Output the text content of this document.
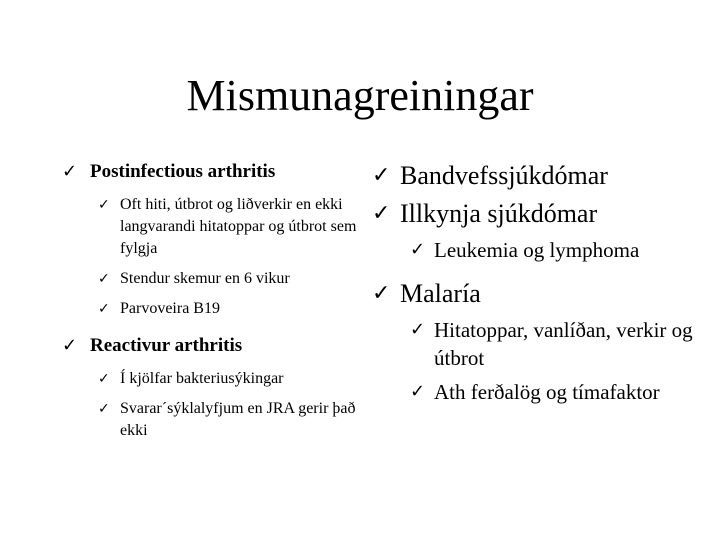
Mismunagreiningar
✓ Postinfectious arthritis
✓ Oft hiti, útbrot og liðverkir en ekki langvarandi hitatoppar og útbrot sem fylgja
✓ Stendur skemur en 6 vikur
✓ Parvoveira B19
✓ Reactivur arthritis
✓ Í kjölfar bakteriusýkingar
✓ Svarar´sýklalyfjum en JRA gerir það ekki
✓ Bandvefssjúkdómar
✓ Illkynja sjúkdómar
✓ Leukemia og lymphoma
✓ Malaría
✓ Hitatoppar, vanlíðan, verkir og útbrot
✓ Ath ferðalög og tímafaktor
